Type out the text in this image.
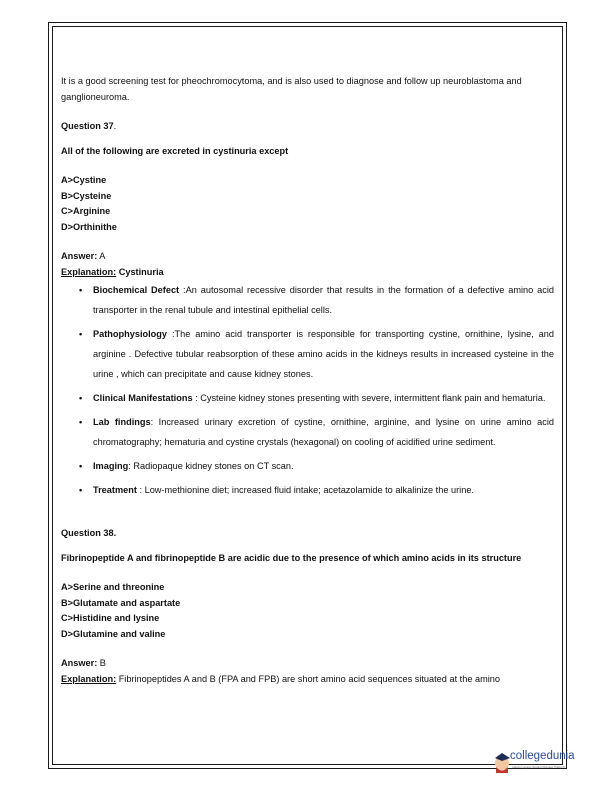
It is a good screening test for pheochromocytoma, and is also used to diagnose and follow up neuroblastoma and ganglioneuroma.

Question 37.

All of the following are excreted in cystinuria except

A>Cystine

B>Cysteine

C>Arginine

D>Orthinithe

Answer: A

Explanation: Cystinuria

• Biochemical Defect :An autosomal recessive disorder that results in the formation of a defective amino acid transporter in the renal tubule and intestinal epithelial cells.
• Pathophysiology :The amino acid transporter is responsible for transporting cystine, ornithine, lysine, and arginine . Defective tubular reabsorption of these amino acids in the kidneys results in increased cysteine in the urine , which can precipitate and cause kidney stones.
• Clinical Manifestations : Cysteine kidney stones presenting with severe, intermittent flank pain and hematuria.
• Lab findings: Increased urinary excretion of cystine, ornithine, arginine, and lysine on urine amino acid chromatography; hematuria and cystine crystals (hexagonal) on cooling of acidified urine sediment.
• Imaging: Radiopaque kidney stones on CT scan.
• Treatment : Low-methionine diet; increased fluid intake; acetazolamide to alkalinize the urine.

Question 38.

Fibrinopeptide A and fibrinopeptide B are acidic due to the presence of which amino acids in its structure

A>Serine and threonine

B>Glutamate and aspartate

C>Histidine and lysine

D>Glutamine and valine

Answer: B

Explanation: Fibrinopeptides A and B (FPA and FPB) are short amino acid sequences situated at the amino

collegedunia
India's Largest Student Review Platform
